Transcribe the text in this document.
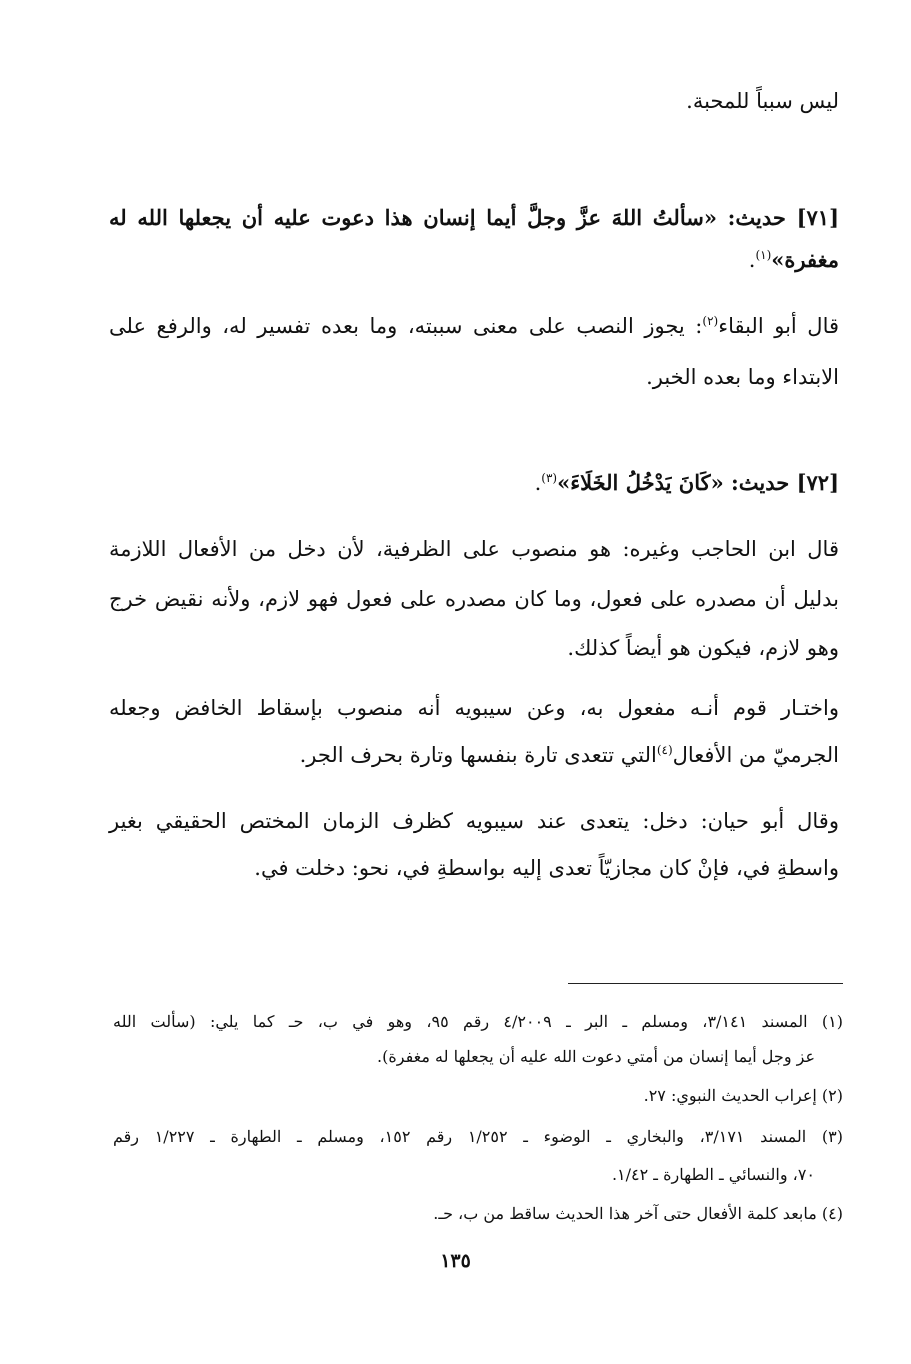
ليس سبباً للمحبة.
[٧١] حديث: «سألتُ اللهَ عزَّ وجلَّ أيما إنسان هذا دعوت عليه أن يجعلها الله له
مغفرة»$^{(١)}$.
قال أبو البقاء$^{(٢)}$: يجوز النصب على معنى سببته، وما بعده تفسير له، والرفع على
الابتداء وما بعده الخبر.
[٧٢] حديث: «كَانَ يَدْخُلُ الخَلَاءَ»$^{(٣)}$.
قال ابن الحاجب وغيره: هو منصوب على الظرفية، لأن دخل من الأفعال اللازمة
بدليل أن مصدره على فعول، وما كان مصدره على فعول فهو لازم، ولأنه نقيض خرج
وهو لازم، فيكون هو أيضاً كذلك.
واختـار قوم أنـه مفعول به، وعن سيبويه أنه منصوب بإسقاط الخافض وجعله
الجرميّ من الأفعال$^{(٤)}$التي تتعدى تارة بنفسها وتارة بحرف الجر.
وقال أبو حيان: دخل: يتعدى عند سيبويه كظرف الزمان المختص الحقيقي بغير
واسطةِ في، فإنْ كان مجازيّاً تعدى إليه بواسطةِ في، نحو: دخلت في.
(١) المسند ٣/١٤١، ومسلم ـ البر ـ ٤/٢٠٠٩ رقم ٩٥، وهو في ب، حـ كما يلي: (سألت الله
عز وجل أيما إنسان من أمتي دعوت الله عليه أن يجعلها له مغفرة).
(٢) إعراب الحديث النبوي: ٢٧.
(٣) المسند ٣/١٧١، والبخاري ـ الوضوء ـ ١/٢٥٢ رقم ١٥٢، ومسلم ـ الطهارة ـ ١/٢٢٧ رقم
٧٠، والنسائي ـ الطهارة ـ ١/٤٢.
(٤) مابعد كلمة الأفعال حتى آخر هذا الحديث ساقط من ب، حـ.
١٣٥
